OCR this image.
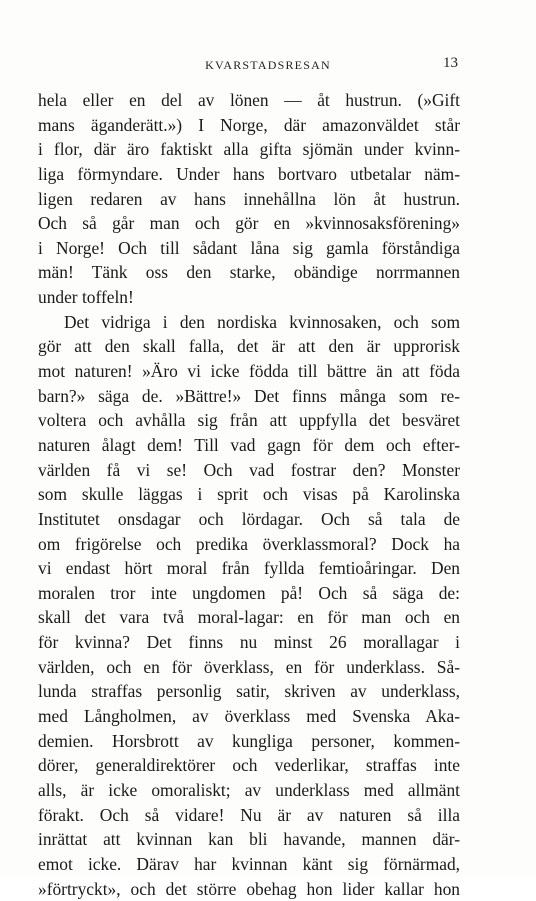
KVARSTADSRESAN	13
hela eller en del av lönen — åt hustrun. (»Gift
mans äganderätt.») I Norge, där amazonväldet står
i flor, där äro faktiskt alla gifta sjömän under kvinn-
liga förmyndare. Under hans bortvaro utbetalar näm-
ligen redaren av hans innehållna lön åt hustrun.
Och så går man och gör en »kvinnosaksförening»
i Norge! Och till sådant låna sig gamla förståndiga
män! Tänk oss den starke, obändige norrmannen
under toffeln!
Det vidriga i den nordiska kvinnosaken, och som
gör att den skall falla, det är att den är upprorisk
mot naturen! »Äro vi icke födda till bättre än att föda
barn?» säga de. »Bättre!» Det finns många som re-
voltera och avhålla sig från att uppfylla det besväret
naturen ålagt dem! Till vad gagn för dem och efter-
världen få vi se! Och vad fostrar den? Monster
som skulle läggas i sprit och visas på Karolinska
Institutet onsdagar och lördagar. Och så tala de
om frigörelse och predika överklassmoral? Dock ha
vi endast hört moral från fyllda femtioåringar. Den
moralen tror inte ungdomen på! Och så säga de:
skall det vara två moral-lagar: en för man och en
för kvinna? Det finns nu minst 26 morallagar i
världen, och en för överklass, en för underklass. Så-
lunda straffas personlig satir, skriven av underklass,
med Långholmen, av överklass med Svenska Aka-
demien. Horsbrott av kungliga personer, kommen-
dörer, generaldirektörer och vederlikar, straffas inte
alls, är icke omoraliskt; av underklass med allmänt
förakt. Och så vidare! Nu är av naturen så illa
inrättat att kvinnan kan bli havande, mannen där-
emot icke. Därav har kvinnan känt sig förnärmad,
»förtryckt», och det större obehag hon lider kallar hon
